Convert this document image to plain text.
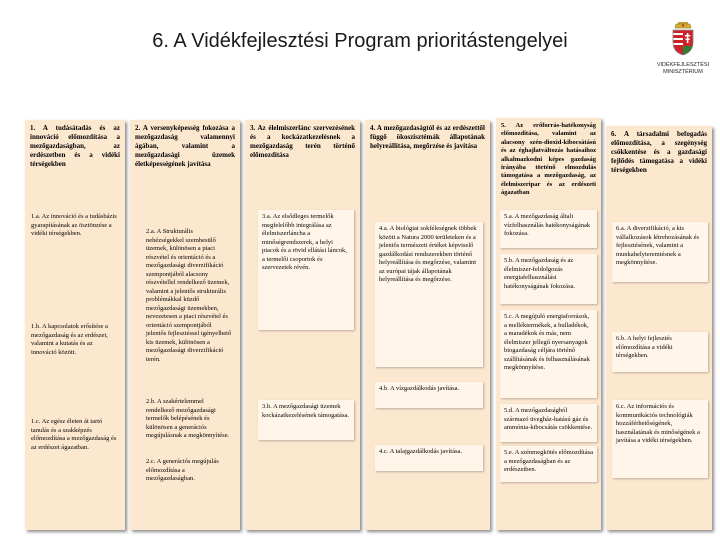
6. A Vidékfejlesztési Program prioritástengelyei
VIDÉKFEJLESZTÉSI
MINISZTÉRIUM
1. A tudásátadás és az innováció előmozdítása a mezőgazdaságban, az erdészetben és a vidéki térségekben
1.a. Az innováció és a tudásbázis gyarapításának az ösztönzése a vidéki térségekben.
1.b. A kapcsolatok erősítése a mezőgazdaság és az erdészet, valamint a kutatás és az innováció között.
1.c. Az egész életen át tartó tanulás és a szakképzés előmozdítása a mezőgazdaság és az erdészet ágazatban.
2. A versenyképesség fokozása a mezőgazdaság valamennyi ágában, valamint a mezőgazdasági üzemek életképességének javítása
2.a. A Strukturális nehézségekkel szembesülő üzemek, különösen a piaci részvétel és orientáció és a mezőgazdasági diverzifikáció szempontjából alacsony részvétellel rendelkező üzemek, valamint a jelentős strukturális problémákkal küzdő mezőgazdasági üzemekben, nevezetesen a piaci részvétel és orientáció szempontjából jelentős fejlesztéssel igényelhető kis üzemek, különösen a mezőgazdasági diverzifikáció terén.
2.b. A szakértelemmel rendelkező mezőgazdasági termelők belépésének és különösen a generációs megújulásnak a megkönnyítése.
2.c. A generációs megújulás előmozdítása a mezőgazdaságban.
3. Az élelmiszerlánc szervezésének és a kockázatkezelésnek a mezőgazdaság terén történő előmozdítása
3.a. Az elsődleges termelők megfelelőbb integrálása az élelmiszerláncba a minőségrendszerek, a helyi piacok és a rövid ellátási láncok, a termelői csoportok és szervezetek révén.
3.b. A mezőgazdasági üzemek kockázatkezelésének támogatása.
4. A mezőgazdaságtól és az erdészettől függő ökoszisztémák állapotának helyreállítása, megőrzése és javítása
4.a. A biológiai sokféleségnek többek között a Natura 2000 területeken és a jelentős természeti értéket képviselő gazdálkodási rendszerekben történő helyreállítása és megőrzése, valamint az európai tájak állapotának helyreállítása és megőrzése.
4.b. A vízgazdálkodás javítása.
4.c. A talajgazdálkodás javítása.
5. Az erőforrás-hatékonyság előmozdítása, valamint az alacsony szén-dioxid-kibocsátású és az éghajlatváltozás hatásaihoz alkalmazkodni képes gazdaság irányába történő elmozdulás támogatása a mezőgazdaság, az élelmiszeripar és az erdészeti ágazatban
5.a. A mezőgazdaság általi vízfelhasználás hatékonyságának fokozása.
5.b. A mezőgazdaság és az élelmiszer-feldolgozás energiafelhasználási hatékonyságának fokozása.
5.c. A megújuló energiaforrások, a melléktermékek, a hulladékok, a maradékok és más, nem élelmiszer jellegű nyersanyagok biogazdaság céljára történő szállításának és felhasználásának megkönnyítése.
5.d. A mezőgazdaságból származó üvegház-hatású gáz és ammónia-kibocsátás csökkentése.
5.e. A szénmegkötés előmozdítása a mezőgazdaságban és az erdészetben.
6. A társadalmi befogadás előmozdítása, a szegénység csökkentése és a gazdasági fejlődés támogatása a vidéki térségekben
6.a. A diverzifikáció, a kis vállalkozások létrehozásának és fejlesztésének, valamint a munkahelyteremtésnek a megkönnyítése.
6.b. A helyi fejlesztés előmozdítása a vidéki térségekben.
6.c. Az információs és kommunikációs technológiák hozzáférhetőségének, használatának és minőségének a javítása a vidéki térségekben.
